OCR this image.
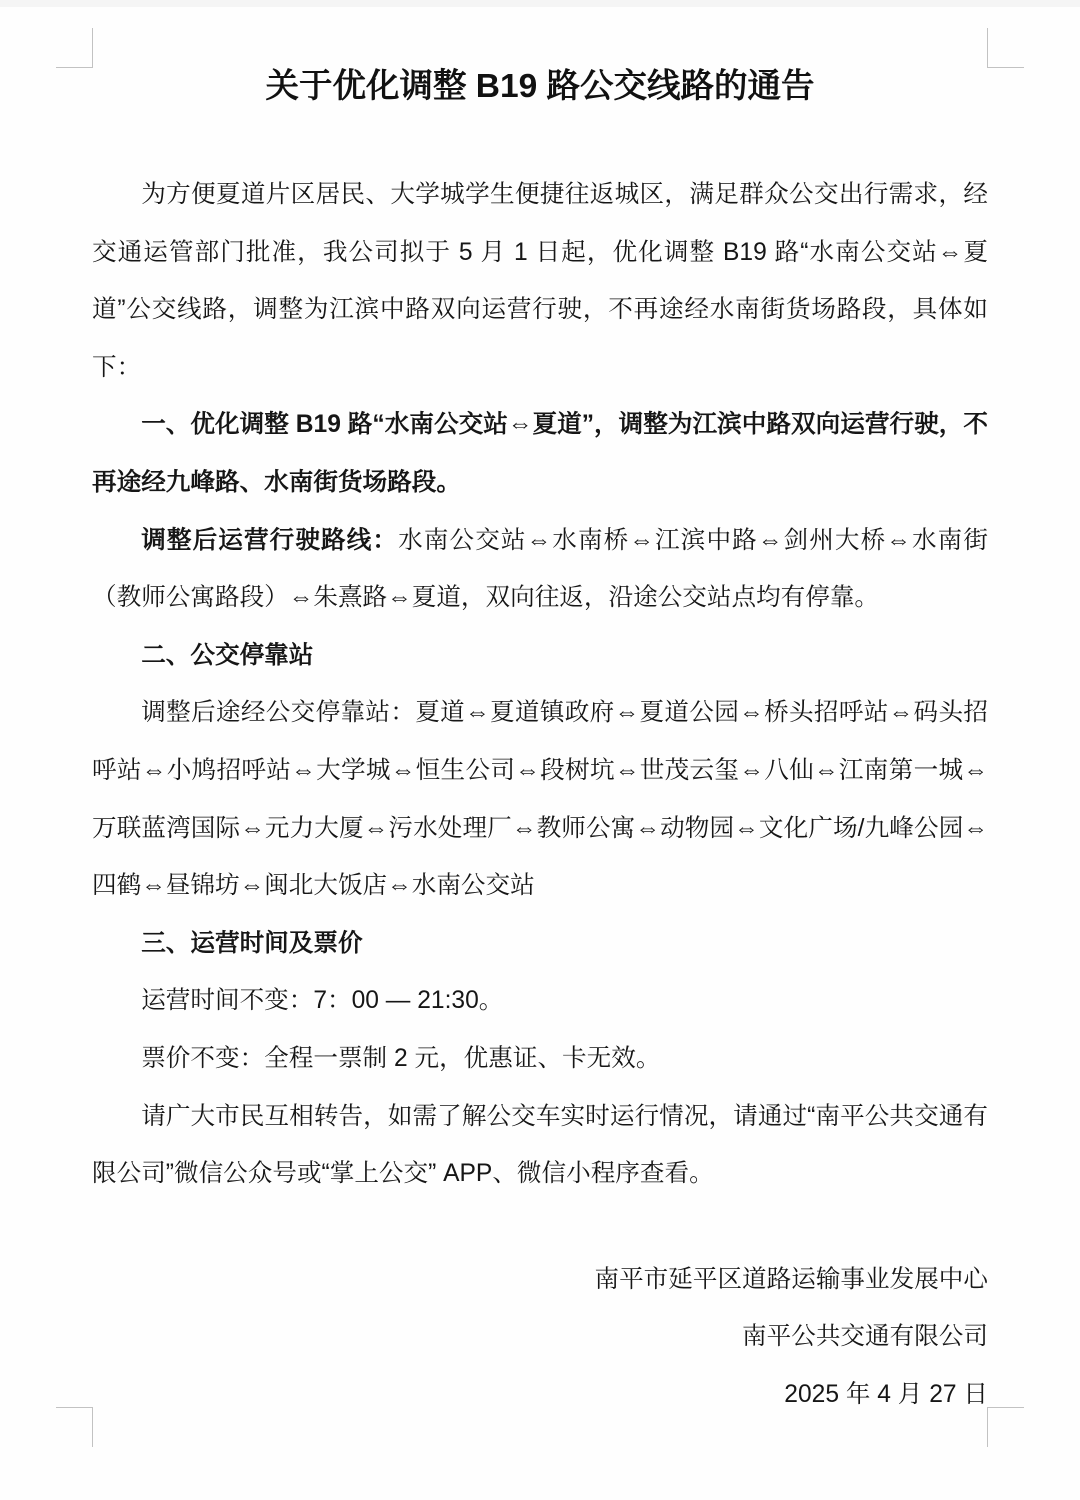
关于优化调整 B19 路公交线路的通告

为方便夏道片区居民、大学城学生便捷往返城区，满足群众公交出行需求，经交通运管部门批准，我公司拟于 5 月 1 日起，优化调整 B19 路“水南公交站⇔夏道”公交线路，调整为江滨中路双向运营行驶，不再途经水南街货场路段，具体如下：

一、优化调整 B19 路“水南公交站⇔夏道”，调整为江滨中路双向运营行驶，不再途经九峰路、水南街货场路段。

调整后运营行驶路线：水南公交站⇔水南桥⇔江滨中路⇔剑州大桥⇔水南街（教师公寓路段）⇔朱熹路⇔夏道，双向往返，沿途公交站点均有停靠。

二、公交停靠站

调整后途经公交停靠站：夏道⇔夏道镇政府⇔夏道公园⇔桥头招呼站⇔码头招呼站⇔小鸠招呼站⇔大学城⇔恒生公司⇔段树坑⇔世茂云玺⇔八仙⇔江南第一城⇔万联蓝湾国际⇔元力大厦⇔污水处理厂⇔教师公寓⇔动物园⇔文化广场/九峰公园⇔四鹤⇔昼锦坊⇔闽北大饭店⇔水南公交站

三、运营时间及票价

运营时间不变：7：00 — 21:30。

票价不变：全程一票制 2 元，优惠证、卡无效。

请广大市民互相转告，如需了解公交车实时运行情况，请通过“南平公共交通有限公司”微信公众号或“掌上公交” APP、微信小程序查看。

南平市延平区道路运输事业发展中心

南平公共交通有限公司

2025 年 4 月 27 日
